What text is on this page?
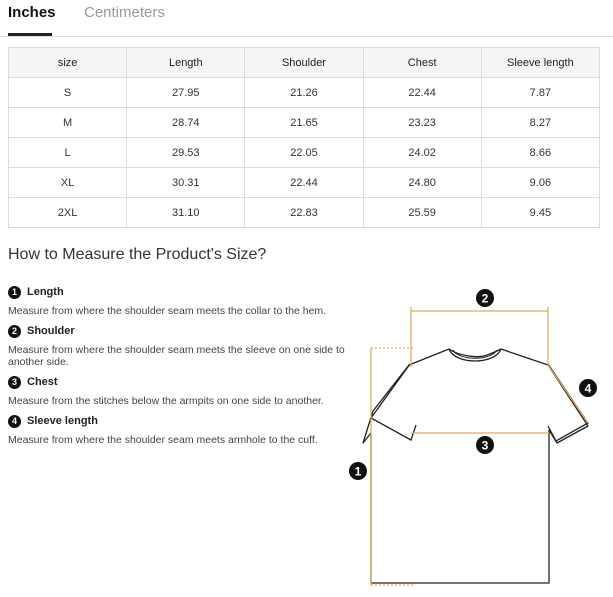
Inches Centimeters
size	Length	Shoulder	Chest	Sleeve length
S	27.95	21.26	22.44	7.87
M	28.74	21.65	23.23	8.27
L	29.53	22.05	24.02	8.66
XL	30.31	22.44	24.80	9.06
2XL	31.10	22.83	25.59	9.45
How to Measure the Product's Size?
1 Length
Measure from where the shoulder seam meets the collar to the hem.
2 Shoulder
Measure from where the shoulder seam meets the sleeve on one side to another side.
3 Chest
Measure from the stitches below the armpits on one side to another.
4 Sleeve length
Measure from where the shoulder seam meets armhole to the cuff.
2
3
1
4
